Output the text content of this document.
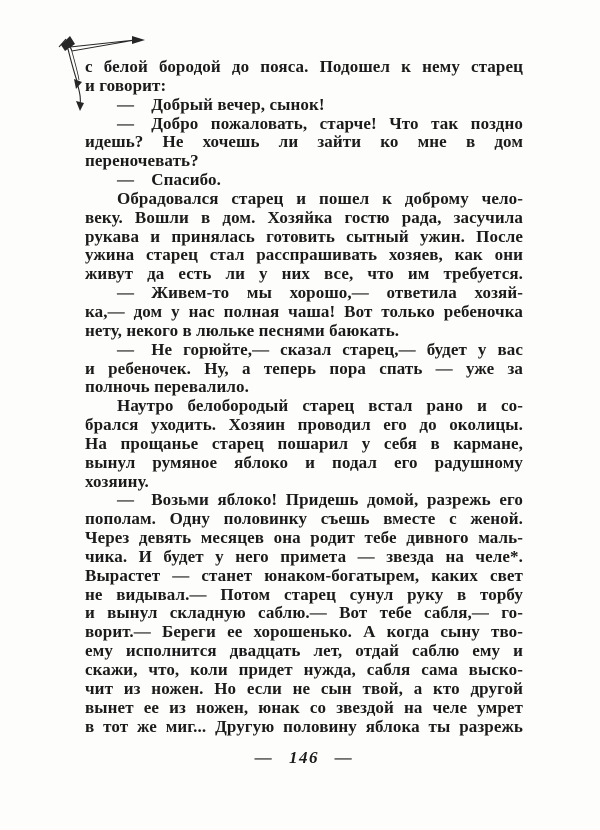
с белой бородой до пояса. Подошел к нему старец
и говорит:
— Добрый вечер, сынок!
— Добро пожаловать, старче! Что так поздно
идешь? Не хочешь ли зайти ко мне в дом
переночевать?
— Спасибо.
Обрадовался старец и пошел к доброму чело-
веку. Вошли в дом. Хозяйка гостю рада, засучила
рукава и принялась готовить сытный ужин. После
ужина старец стал расспрашивать хозяев, как они
живут да есть ли у них все, что им требуется.
— Живем-то мы хорошо,— ответила хозяй-
ка,— дом у нас полная чаша! Вот только ребеночка
нету, некого в люльке песнями баюкать.
— Не горюйте,— сказал старец,— будет у вас
и ребеночек. Ну, а теперь пора спать — уже за
полночь перевалило.
Наутро белобородый старец встал рано и со-
брался уходить. Хозяин проводил его до околицы.
На прощанье старец пошарил у себя в кармане,
вынул румяное яблоко и подал его радушному
хозяину.
— Возьми яблоко! Придешь домой, разрежь его
пополам. Одну половинку съешь вместе с женой.
Через девять месяцев она родит тебе дивного маль-
чика. И будет у него примета — звезда на челе*.
Вырастет — станет юнаком-богатырем, каких свет
не видывал.— Потом старец сунул руку в торбу
и вынул складную саблю.— Вот тебе сабля,— го-
ворит.— Береги ее хорошенько. А когда сыну тво-
ему исполнится двадцать лет, отдай саблю ему и
скажи, что, коли придет нужда, сабля сама выско-
чит из ножен. Но если не сын твой, а кто другой
вынет ее из ножен, юнак со звездой на челе умрет
в тот же миг... Другую половину яблока ты разрежь
— 146 —
